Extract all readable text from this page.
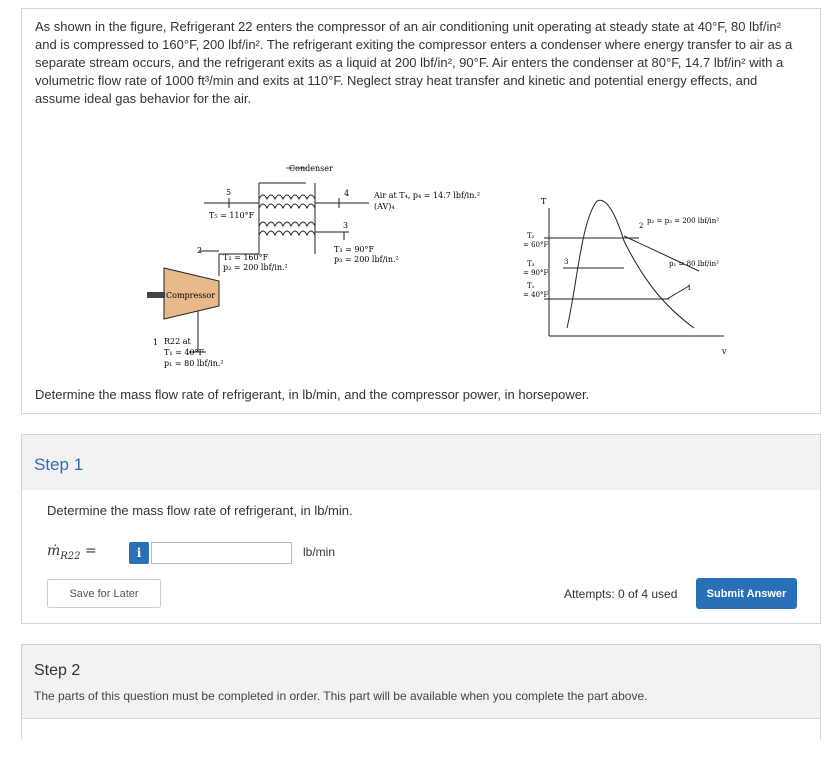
As shown in the figure, Refrigerant 22 enters the compressor of an air conditioning unit operating at steady state at 40°F, 80 lbf/in²
and is compressed to 160°F, 200 lbf/in². The refrigerant exiting the compressor enters a condenser where energy transfer to air as a
separate stream occurs, and the refrigerant exits as a liquid at 200 lbf/in², 90°F. Air enters the condenser at 80°F, 14.7 lbf/in² with a
volumetric flow rate of 1000 ft³/min and exits at 110°F. Neglect stray heat transfer and kinetic and potential energy effects, and
assume ideal gas behavior for the air.
Condenser
5	4
3
2
1
T₅ = 110°F
Air at T₄, p₄ = 14.7 lbf/in.²
(AV)₄
T₂ = 160°F
p₂ = 200 lbf/in.²
T₃ = 90°F
p₃ = 200 lbf/in.²
Compressor
R22 at
T₁ = 40°F
p₁ = 80 lbf/in.²
T
v
T₂
= 60°F
T₃
= 90°F
T₁
= 40°F
p₂ = p₃ = 200 lbf/in²
p₁ = 80 lbf/in²
1
2
3
Determine the mass flow rate of refrigerant, in lb/min, and the compressor power, in horsepower.
Step 1
Determine the mass flow rate of refrigerant, in lb/min.
ṁ$_{R22}$ =	i	lb/min
Save for Later	Attempts: 0 of 4 used	Submit Answer
Step 2
The parts of this question must be completed in order. This part will be available when you complete the part above.
